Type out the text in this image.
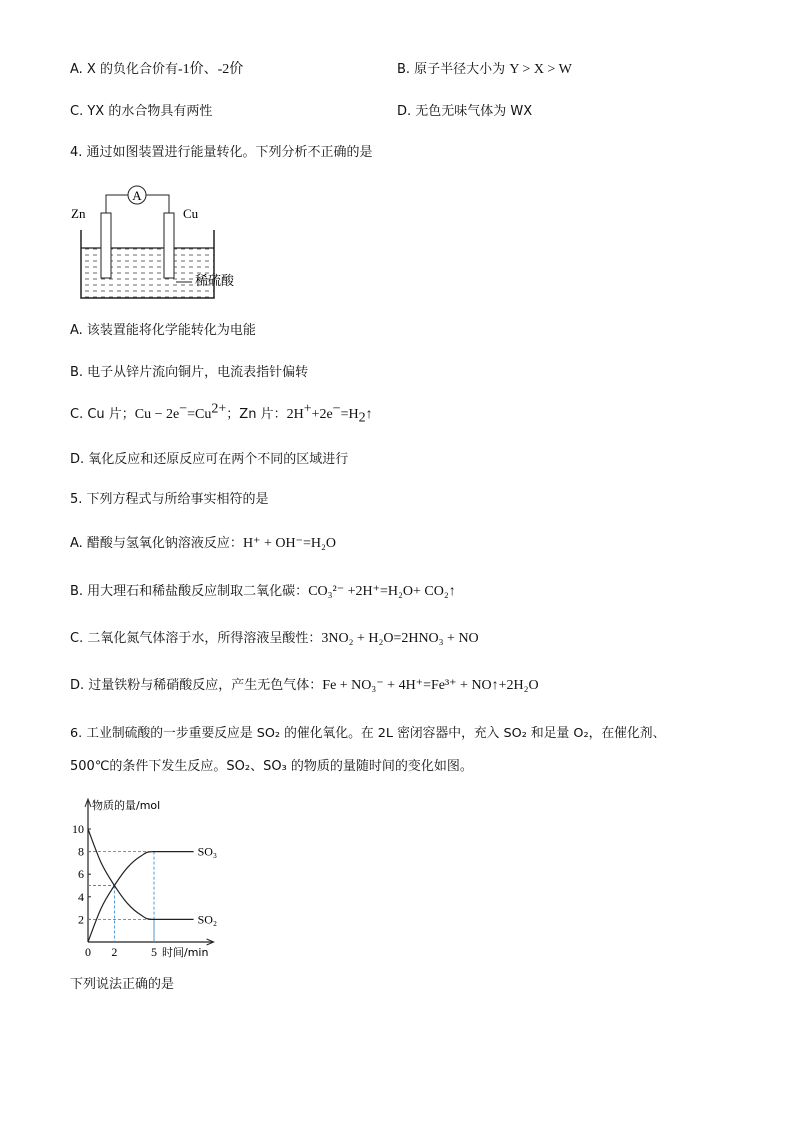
A. X 的负化合价有-1价、-2价	B. 原子半径大小为 Y > X > W
C. YX 的水合物具有两性	D. 无色无味气体为 WX
4. 通过如图装置进行能量转化。下列分析不正确的是
A
Zn	Cu
稀硫酸
A. 该装置能将化学能转化为电能
B. 电子从锌片流向铜片，电流表指针偏转
C. Cu 片；$Cu - 2e^-=Cu^{2+}$；Zn 片：$2H^++2e^-=H_2↑$
D. 氧化反应和还原反应可在两个不同的区域进行
5. 下列方程式与所给事实相符的是
A. 醋酸与氢氧化钠溶液反应：H⁺ + OH⁻=H₂O
B. 用大理石和稀盐酸反应制取二氧化碳：CO₃²⁻ +2H⁺=H₂O+ CO₂↑
C. 二氧化氮气体溶于水，所得溶液呈酸性：3NO₂ + H₂O=2HNO₃ + NO
D. 过量铁粉与稀硝酸反应，产生无色气体：Fe + NO₃⁻ + 4H⁺=Fe³⁺ + NO↑+2H₂O
6. 工业制硫酸的一步重要反应是 SO₂ 的催化氧化。在 2L 密闭容器中，充入 SO₂ 和足量 O₂，在催化剂、
500℃的条件下发生反应。SO₂、SO₃ 的物质的量随时间的变化如图。
物质的量/mol
时间/min
2
4
6
8
10
0 2	5
SO₃
SO₂
下列说法正确的是
